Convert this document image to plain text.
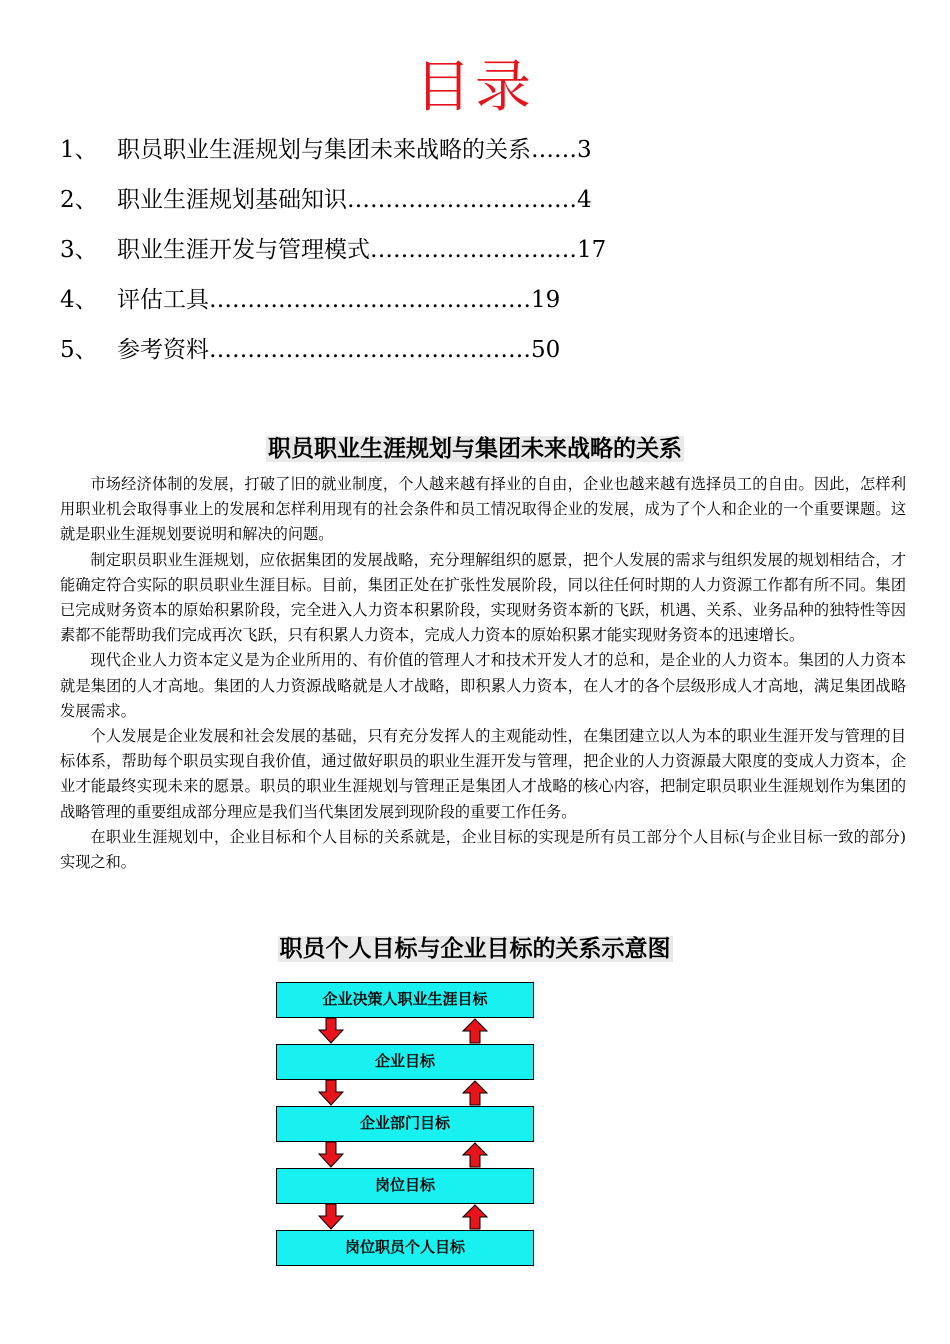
目录
1、 职员职业生涯规划与集团未来战略的关系……3
2、 职业生涯规划基础知识…………………………4
3、 职业生涯开发与管理模式………………………17
4、 评估工具……………………………………19
5、 参考资料……………………………………50
职员职业生涯规划与集团未来战略的关系

市场经济体制的发展，打破了旧的就业制度，个人越来越有择业的自由，企业也越来越有选择员工的自由。因此，怎样利用职业机会取得事业上的发展和怎样利用现有的社会条件和员工情况取得企业的发展，成为了个人和企业的一个重要课题。这就是职业生涯规划要说明和解决的问题。

制定职员职业生涯规划，应依据集团的发展战略，充分理解组织的愿景，把个人发展的需求与组织发展的规划相结合，才能确定符合实际的职员职业生涯目标。目前，集团正处在扩张性发展阶段，同以往任何时期的人力资源工作都有所不同。集团已完成财务资本的原始积累阶段，完全进入人力资本积累阶段，实现财务资本新的飞跃，机遇、关系、业务品种的独特性等因素都不能帮助我们完成再次飞跃，只有积累人力资本，完成人力资本的原始积累才能实现财务资本的迅速增长。

现代企业人力资本定义是为企业所用的、有价值的管理人才和技术开发人才的总和，是企业的人力资本。集团的人力资本就是集团的人才高地。集团的人力资源战略就是人才战略，即积累人力资本，在人才的各个层级形成人才高地，满足集团战略发展需求。

个人发展是企业发展和社会发展的基础，只有充分发挥人的主观能动性，在集团建立以人为本的职业生涯开发与管理的目标体系，帮助每个职员实现自我价值，通过做好职员的职业生涯开发与管理，把企业的人力资源最大限度的变成人力资本，企业才能最终实现未来的愿景。职员的职业生涯规划与管理正是集团人才战略的核心内容，把制定职员职业生涯规划作为集团的战略管理的重要组成部分理应是我们当代集团发展到现阶段的重要工作任务。

在职业生涯规划中，企业目标和个人目标的关系就是，企业目标的实现是所有员工部分个人目标(与企业目标一致的部分)实现之和。

职员个人目标与企业目标的关系示意图
企业决策人职业生涯目标
企业目标
企业部门目标
岗位目标
岗位职员个人目标
